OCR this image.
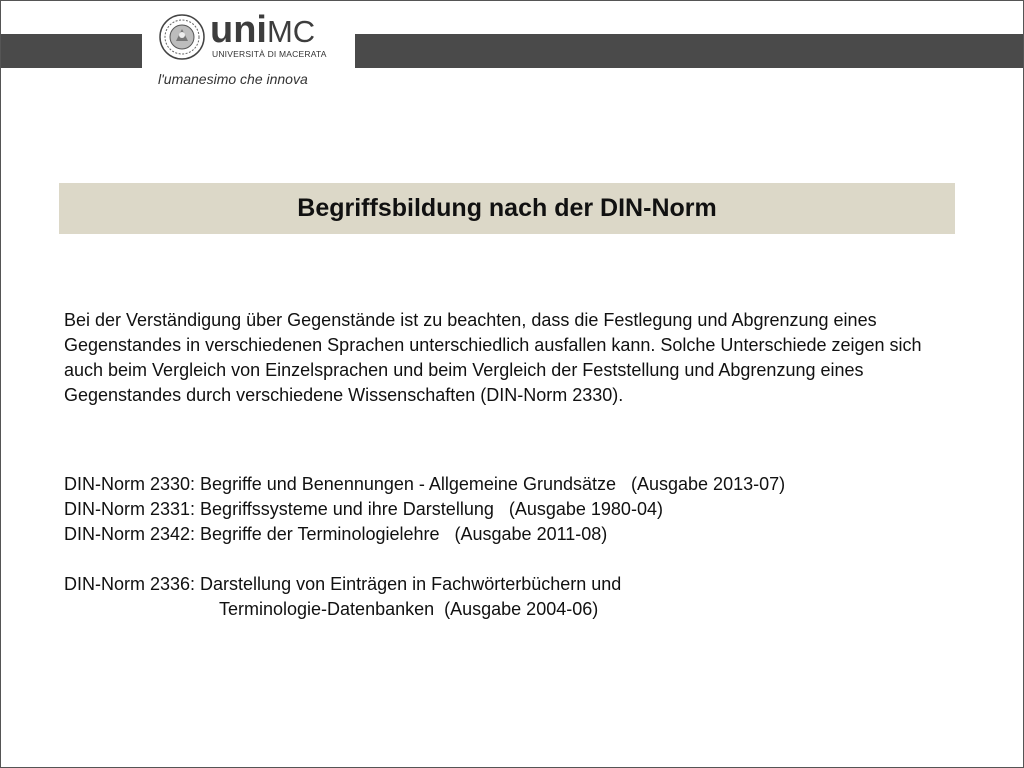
uniMC
UNIVERSITÀ DI MACERATA
l'umanesimo che innova
Begriffsbildung nach der DIN-Norm
Bei der Verständigung über Gegenstände ist zu beachten, dass die Festlegung und Abgrenzung eines Gegenstandes in verschiedenen Sprachen unterschiedlich ausfallen kann. Solche Unterschiede zeigen sich auch beim Vergleich von Einzelsprachen und beim Vergleich der Feststellung und Abgrenzung eines Gegenstandes durch verschiedene Wissenschaften (DIN-Norm 2330).
DIN-Norm 2330: Begriffe und Benennungen - Allgemeine Grundsätze   (Ausgabe 2013-07)
DIN-Norm 2331: Begriffssysteme und ihre Darstellung   (Ausgabe 1980-04)
DIN-Norm 2342: Begriffe der Terminologielehre   (Ausgabe 2011-08)
DIN-Norm 2336: Darstellung von Einträgen in Fachwörterbüchern und
Terminologie-Datenbanken  (Ausgabe 2004-06)
